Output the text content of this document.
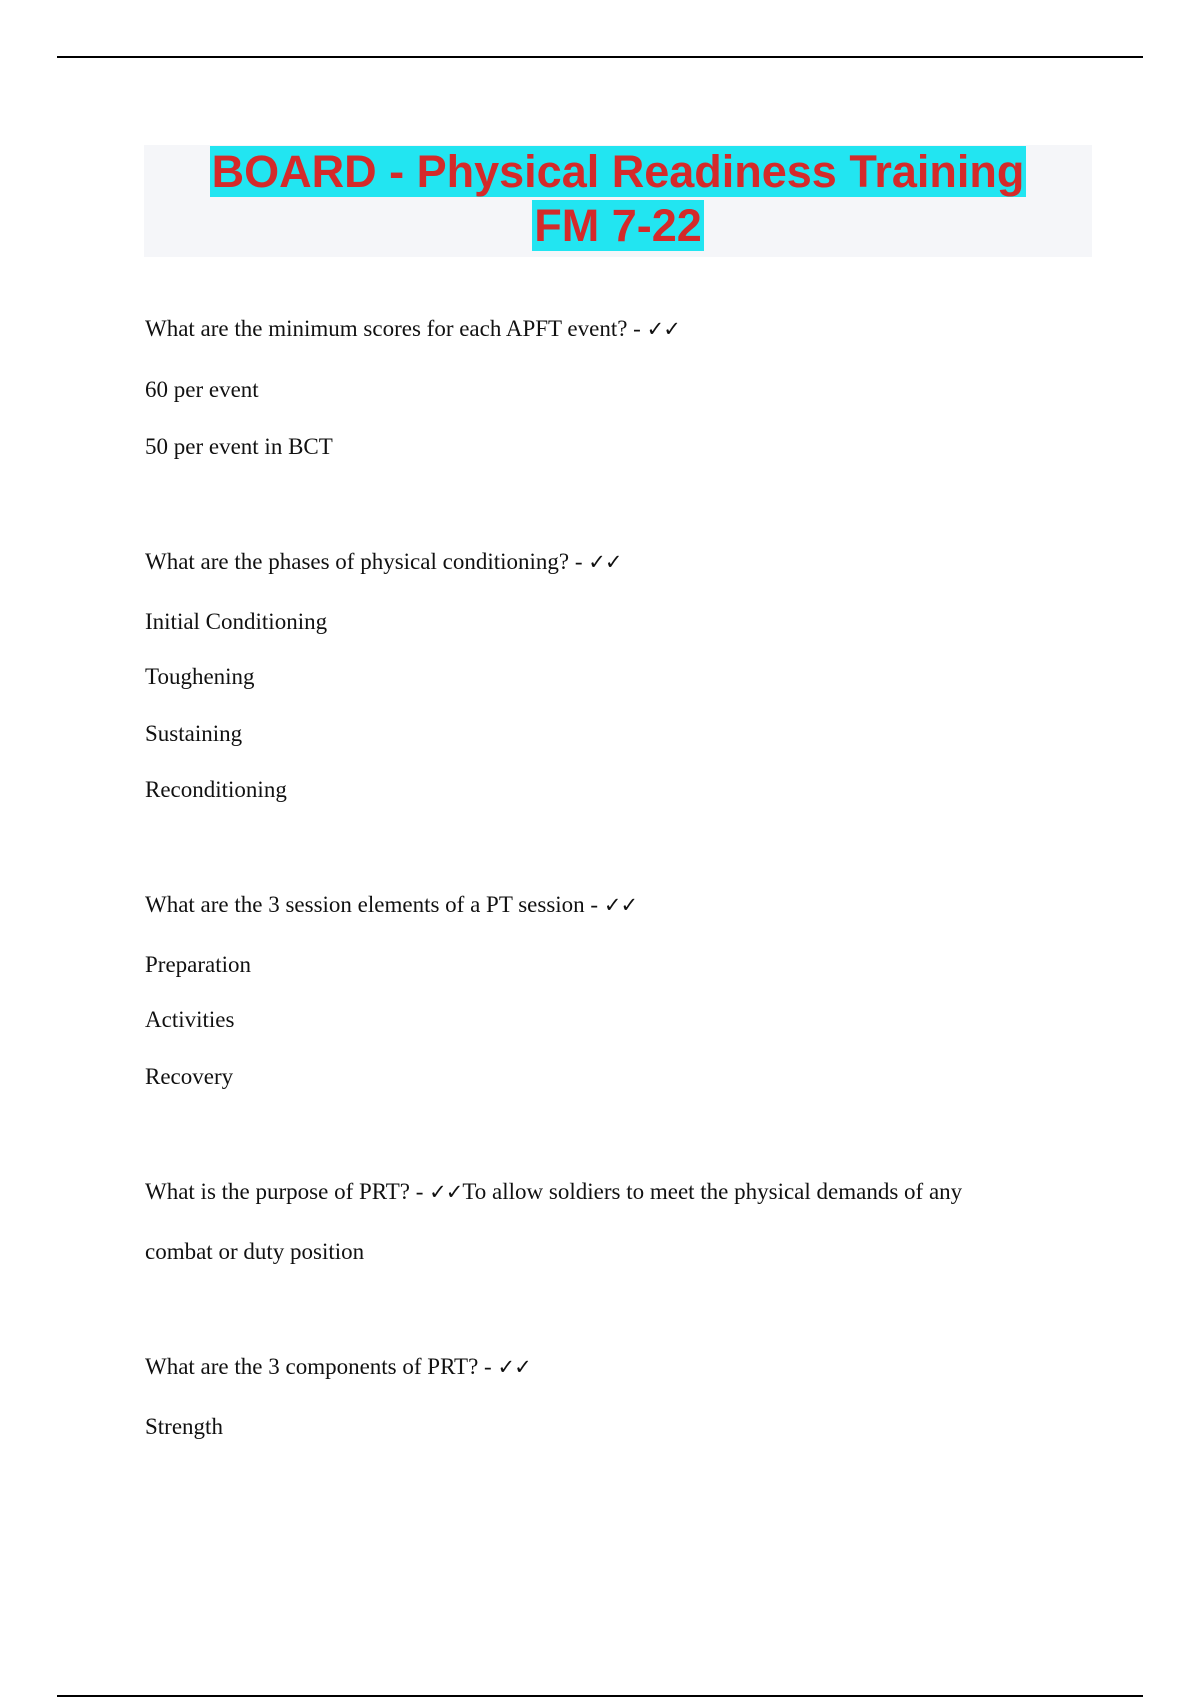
BOARD - Physical Readiness Training
FM 7-22

What are the minimum scores for each APFT event? - ✓✓

60 per event

50 per event in BCT

What are the phases of physical conditioning? - ✓✓

Initial Conditioning

Toughening

Sustaining

Reconditioning

What are the 3 session elements of a PT session - ✓✓

Preparation

Activities

Recovery

What is the purpose of PRT? - ✓✓To allow soldiers to meet the physical demands of any

combat or duty position

What are the 3 components of PRT? - ✓✓

Strength
